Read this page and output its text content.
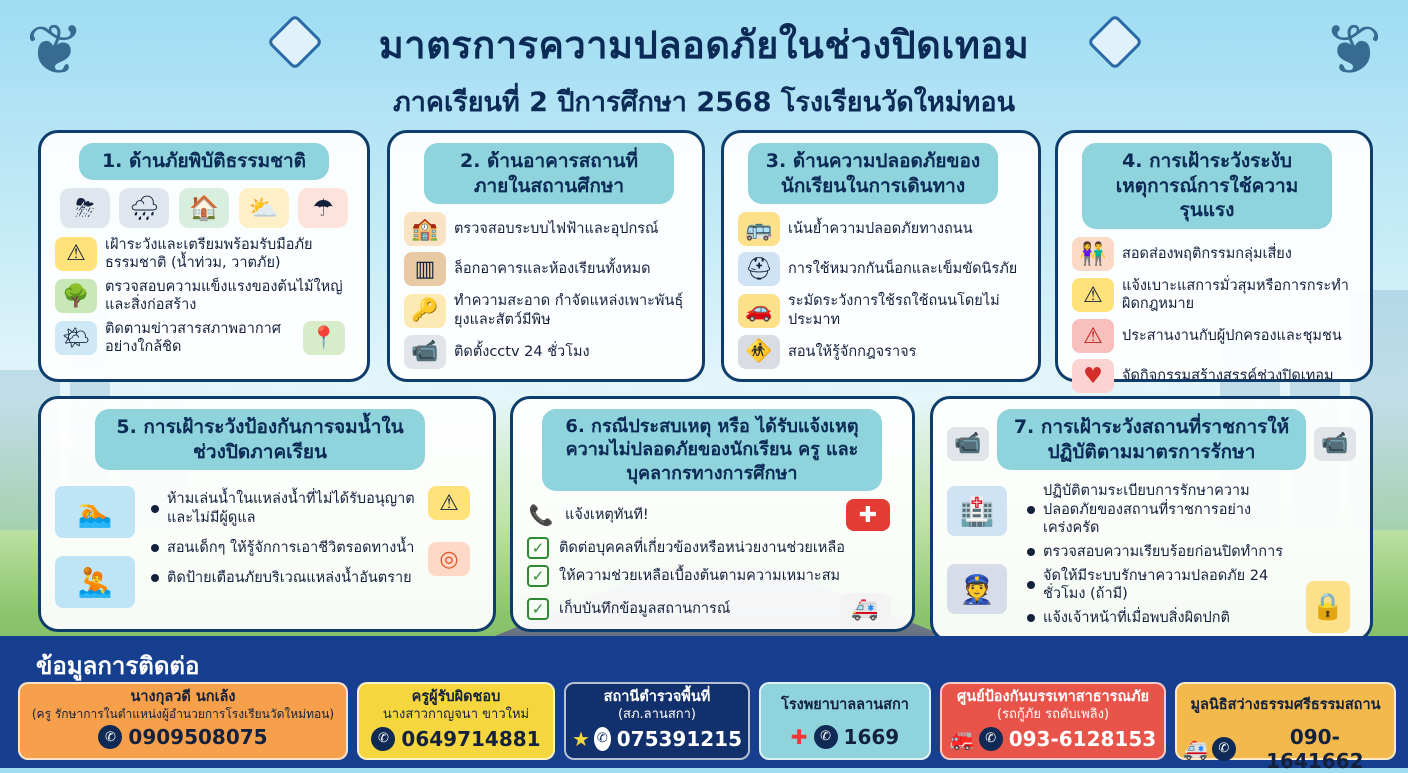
❦	❦
มาตรการความปลอดภัยในช่วงปิดเทอม
ภาคเรียนที่ 2 ปีการศึกษา 2568 โรงเรียนวัดใหม่ทอน
1. ด้านภัยพิบัติธรรมชาติ
⛈	🌧	🏠	⛅	☂
⚠	เฝ้าระวังและเตรียมพร้อมรับมือภัยธรรมชาติ (น้ำท่วม, วาตภัย)
🌳	ตรวจสอบความแข็งแรงของต้นไม้ใหญ่และสิ่งก่อสร้าง
🌤	ติดตามข่าวสารสภาพอากาศอย่างใกล้ชิด	📍
2. ด้านอาคารสถานที่ภายในสถานศึกษา
🏫	ตรวจสอบระบบไฟฟ้าและอุปกรณ์
▥	ล็อกอาคารและห้องเรียนทั้งหมด
🔑	ทำความสะอาด กำจัดแหล่งเพาะพันธุ์ยุงและสัตว์มีพิษ
📹	ติดตั้งcctv 24 ชั่วโมง
3. ด้านความปลอดภัยของนักเรียนในการเดินทาง
🚌	เน้นย้ำความปลอดภัยทางถนน
⛑	การใช้หมวกกันน็อกและเข็มขัดนิรภัย
🚗	ระมัดระวังการใช้รถใช้ถนนโดยไม่ประมาท
🚸	สอนให้รู้จักกฎจราจร
4. การเฝ้าระวังระงับเหตุการณ์การใช้ความรุนแรง
👫	สอดส่องพฤติกรรมกลุ่มเสี่ยง
⚠	แจ้งเบาะแสการมั่วสุมหรือการกระทำผิดกฎหมาย
⚠	ประสานงานกับผู้ปกครองและชุมชน
♥	จัดกิจกรรมสร้างสรรค์ช่วงปิดเทอม
5. การเฝ้าระวังป้องกันการจมน้ำในช่วงปิดภาคเรียน
🏊
🤽
ห้ามเล่นน้ำในแหล่งน้ำที่ไม่ได้รับอนุญาต และไม่มีผู้ดูแล
สอนเด็กๆ ให้รู้จักการเอาชีวิตรอดทางน้ำ
ติดป้ายเตือนภัยบริเวณแหล่งน้ำอันตราย
⚠
◎
6. กรณีประสบเหตุ หรือ ได้รับแจ้งเหตุความไม่ปลอดภัยของนักเรียน ครู และบุคลากรทางการศึกษา
📞 แจ้งเหตุทันที!	✚
✓	ติดต่อบุคคลที่เกี่ยวข้องหรือหน่วยงานช่วยเหลือ
✓	ให้ความช่วยเหลือเบื้องต้นตามความเหมาะสม
✓	เก็บบันทึกข้อมูลสถานการณ์	🚑
📹
7. การเฝ้าระวังสถานที่ราชการให้ปฏิบัติตามมาตรการรักษา	📹
🏥
👮
ปฏิบัติตามระเบียบการรักษาความปลอดภัยของสถานที่ราชการอย่างเคร่งครัด
ตรวจสอบความเรียบร้อยก่อนปิดทำการ
จัดให้มีระบบรักษาความปลอดภัย 24 ชั่วโมง (ถ้ามี)
แจ้งเจ้าหน้าที่เมื่อพบสิ่งผิดปกติ	🔒
ข้อมูลการติดต่อ
นางกุลวดี นกเล้ง
(ครู รักษาการในตำแหน่งผู้อำนวยการโรงเรียนวัดใหม่ทอน)
✆ 0909508075
ครูผู้รับผิดชอบ
นางสาวกาญจนา ขาวใหม่
✆ 0649714881
สถานีตำรวจพื้นที่
(สภ.ลานสกา)
★ ✆ 075391215
โรงพยาบาลลานสกา
✚ ✆ 1669
ศูนย์ป้องกันบรรเทาสาธารณภัย
(รถกู้ภัย รถดับเพลิง)
🚒 ✆ 093-6128153
มูลนิธิสว่างธรรมศรีธรรมสถาน
🚑 ✆	090-1641662
